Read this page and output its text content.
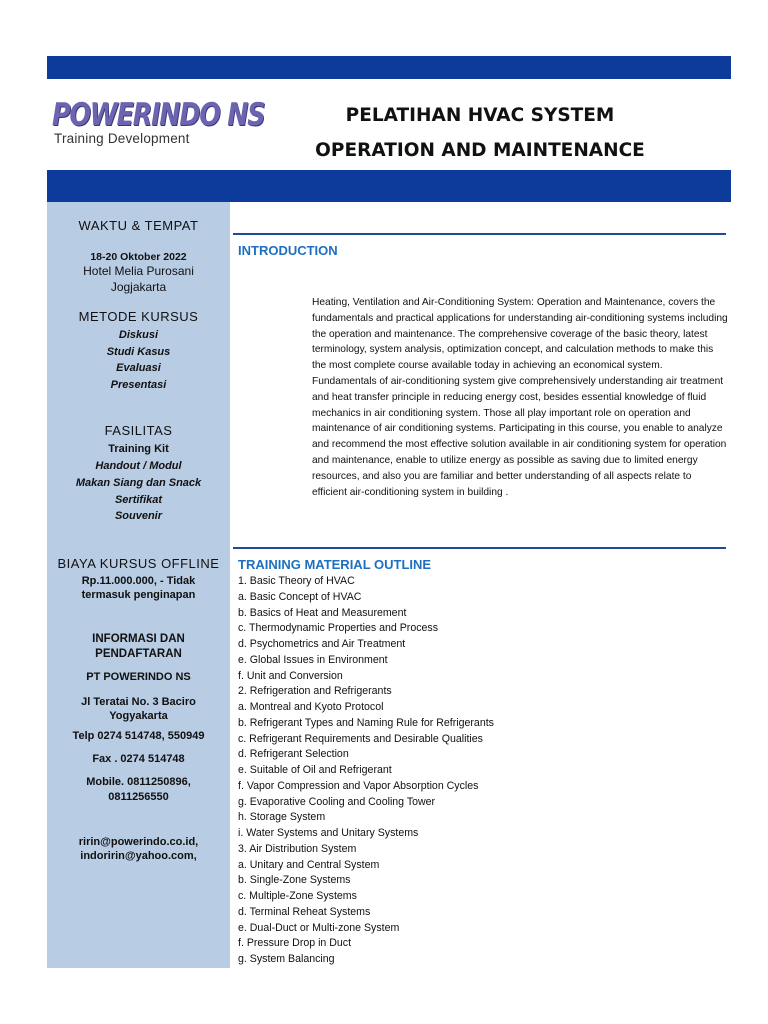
POWERINDO NS
Training Development
PELATIHAN HVAC SYSTEM
OPERATION AND MAINTENANCE
WAKTU & TEMPAT
18-20 Oktober 2022
Hotel Melia Purosani
Jogjakarta
METODE KURSUS
Diskusi
Studi Kasus
Evaluasi
Presentasi
FASILITAS
Training Kit
Handout / Modul
Makan Siang dan Snack
Sertifikat
Souvenir
BIAYA KURSUS OFFLINE
Rp.11.000.000, - Tidak
termasuk penginapan
INFORMASI DAN
PENDAFTARAN
PT POWERINDO NS
Jl Teratai No. 3 Baciro
Yogyakarta
Telp 0274 514748, 550949
Fax . 0274 514748
Mobile. 0811250896,
0811256550
ririn@powerindo.co.id,
indoririn@yahoo.com,
INTRODUCTION
Heating, Ventilation and Air-Conditioning System: Operation and Maintenance, covers the fundamentals and practical applications for understanding air-conditioning systems including the operation and maintenance. The comprehensive coverage of the basic theory, latest terminology, system analysis, optimization concept, and calculation methods to make this the most complete course available today in achieving an economical system. Fundamentals of air-conditioning system give comprehensively understanding air treatment and heat transfer principle in reducing energy cost, besides essential knowledge of fluid mechanics in air conditioning system. Those all play important role on operation and maintenance of air conditioning systems. Participating in this course, you enable to analyze and recommend the most effective solution available in air conditioning system for operation and maintenance, enable to utilize energy as possible as saving due to limited energy resources, and also you are familiar and better understanding of all aspects relate to efficient air-conditioning system in building .
TRAINING MATERIAL OUTLINE
1. Basic Theory of HVAC
a. Basic Concept of HVAC
b. Basics of Heat and Measurement
c. Thermodynamic Properties and Process
d. Psychometrics and Air Treatment
e. Global Issues in Environment
f. Unit and Conversion
2. Refrigeration and Refrigerants
a. Montreal and Kyoto Protocol
b. Refrigerant Types and Naming Rule for Refrigerants
c. Refrigerant Requirements and Desirable Qualities
d. Refrigerant Selection
e. Suitable of Oil and Refrigerant
f. Vapor Compression and Vapor Absorption Cycles
g. Evaporative Cooling and Cooling Tower
h. Storage System
i. Water Systems and Unitary Systems
3. Air Distribution System
a. Unitary and Central System
b. Single-Zone Systems
c. Multiple-Zone Systems
d. Terminal Reheat Systems
e. Dual-Duct or Multi-zone System
f. Pressure Drop in Duct
g. System Balancing
